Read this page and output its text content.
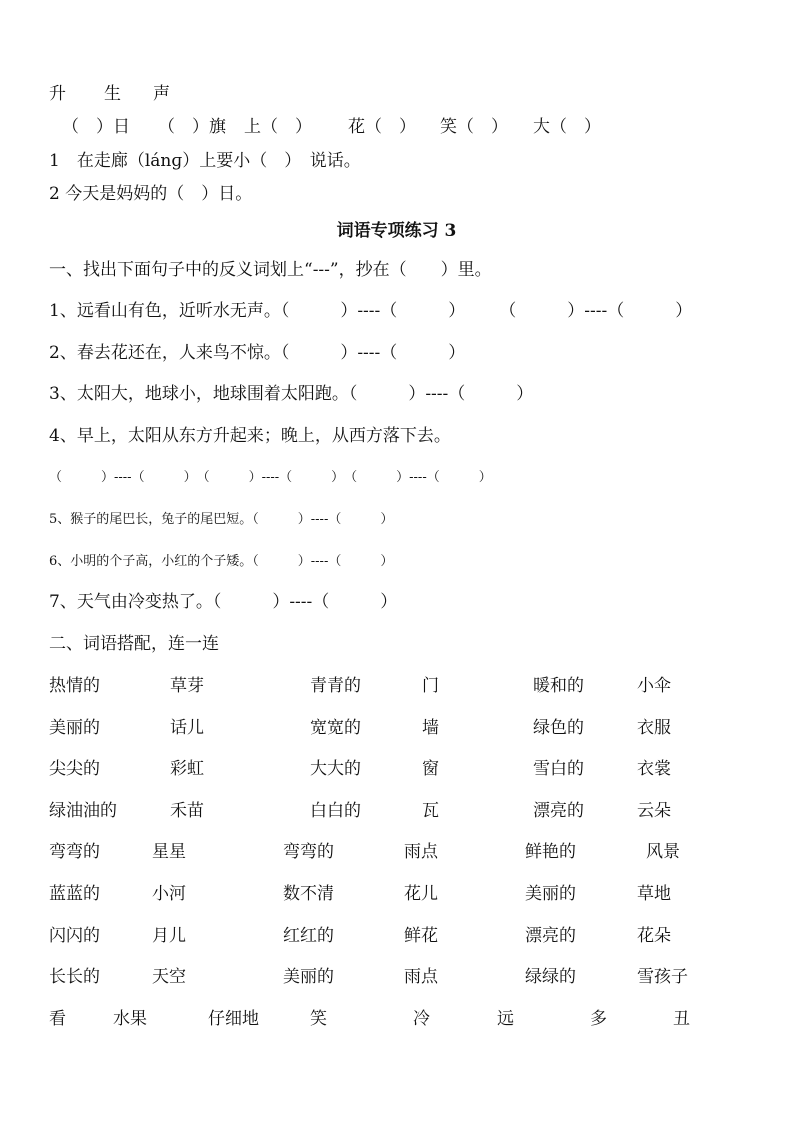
升 生 声
（　）日 （　）旗 上（　） 花（　） 笑（　） 大（　）
1　在走廊（lánɡ）上要小（　）　说话。
2 今天是妈妈的（　）日。
词语专项练习 3
一、找出下面句子中的反义词划上“---”，抄在（　　）里。
1、远看山有色，近听水无声。（　　　）----（　　　）　　　（　　　）----（　　　）
2、春去花还在，人来鸟不惊。（　　　）----（　　　）
3、太阳大，地球小，地球围着太阳跑。（　　　）----（　　　）
4、早上，太阳从东方升起来；晚上，从西方落下去。
（　　　）----（　　　）　（　　　）----（　　　）　（　　　）----（　　　）
5、猴子的尾巴长，兔子的尾巴短。（　　　）----（　　　）
6、小明的个子高，小红的个子矮。（　　　）----（　　　）
7、天气由冷变热了。（　　　）----（　　　）
二、词语搭配，连一连
热情的	草芽	青青的	门	暖和的	小伞
美丽的	话儿	宽宽的	墙	绿色的	衣服
尖尖的	彩虹	大大的	窗	雪白的	衣裳
绿油油的	禾苗	白白的	瓦	漂亮的	云朵
弯弯的	星星	弯弯的	雨点	鲜艳的	风景
蓝蓝的	小河	数不清	花儿	美丽的	草地
闪闪的	月儿	红红的	鲜花	漂亮的	花朵
长长的	天空	美丽的	雨点	绿绿的	雪孩子
看	水果	仔细地	笑	冷	远	多	丑
